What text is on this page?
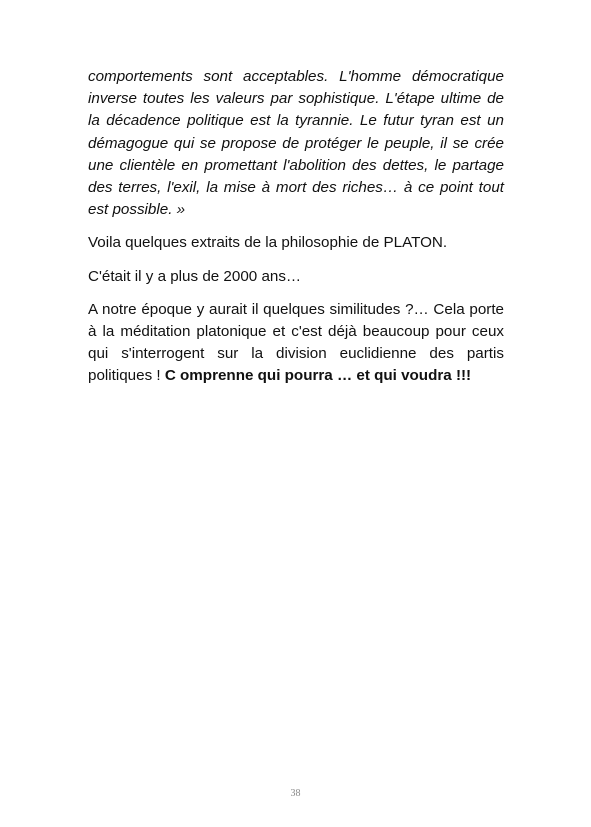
comportements sont acceptables. L'homme démocratique inverse toutes les valeurs par sophistique. L'étape ultime de la décadence politique est la tyrannie. Le futur tyran est un démagogue qui se propose de protéger le peuple, il se crée une clientèle en promettant l'abolition des dettes, le partage des terres, l'exil, la mise à mort des riches… à ce point tout est possible. »

Voila quelques extraits de la philosophie de PLATON.

C'était il y a plus de 2000 ans…

A notre époque y aurait il quelques similitudes ?… Cela porte à la méditation platonique et c'est déjà beaucoup pour ceux qui s'interrogent sur la division euclidienne des partis politiques ! C omprenne qui pourra … et qui voudra !!!

38
